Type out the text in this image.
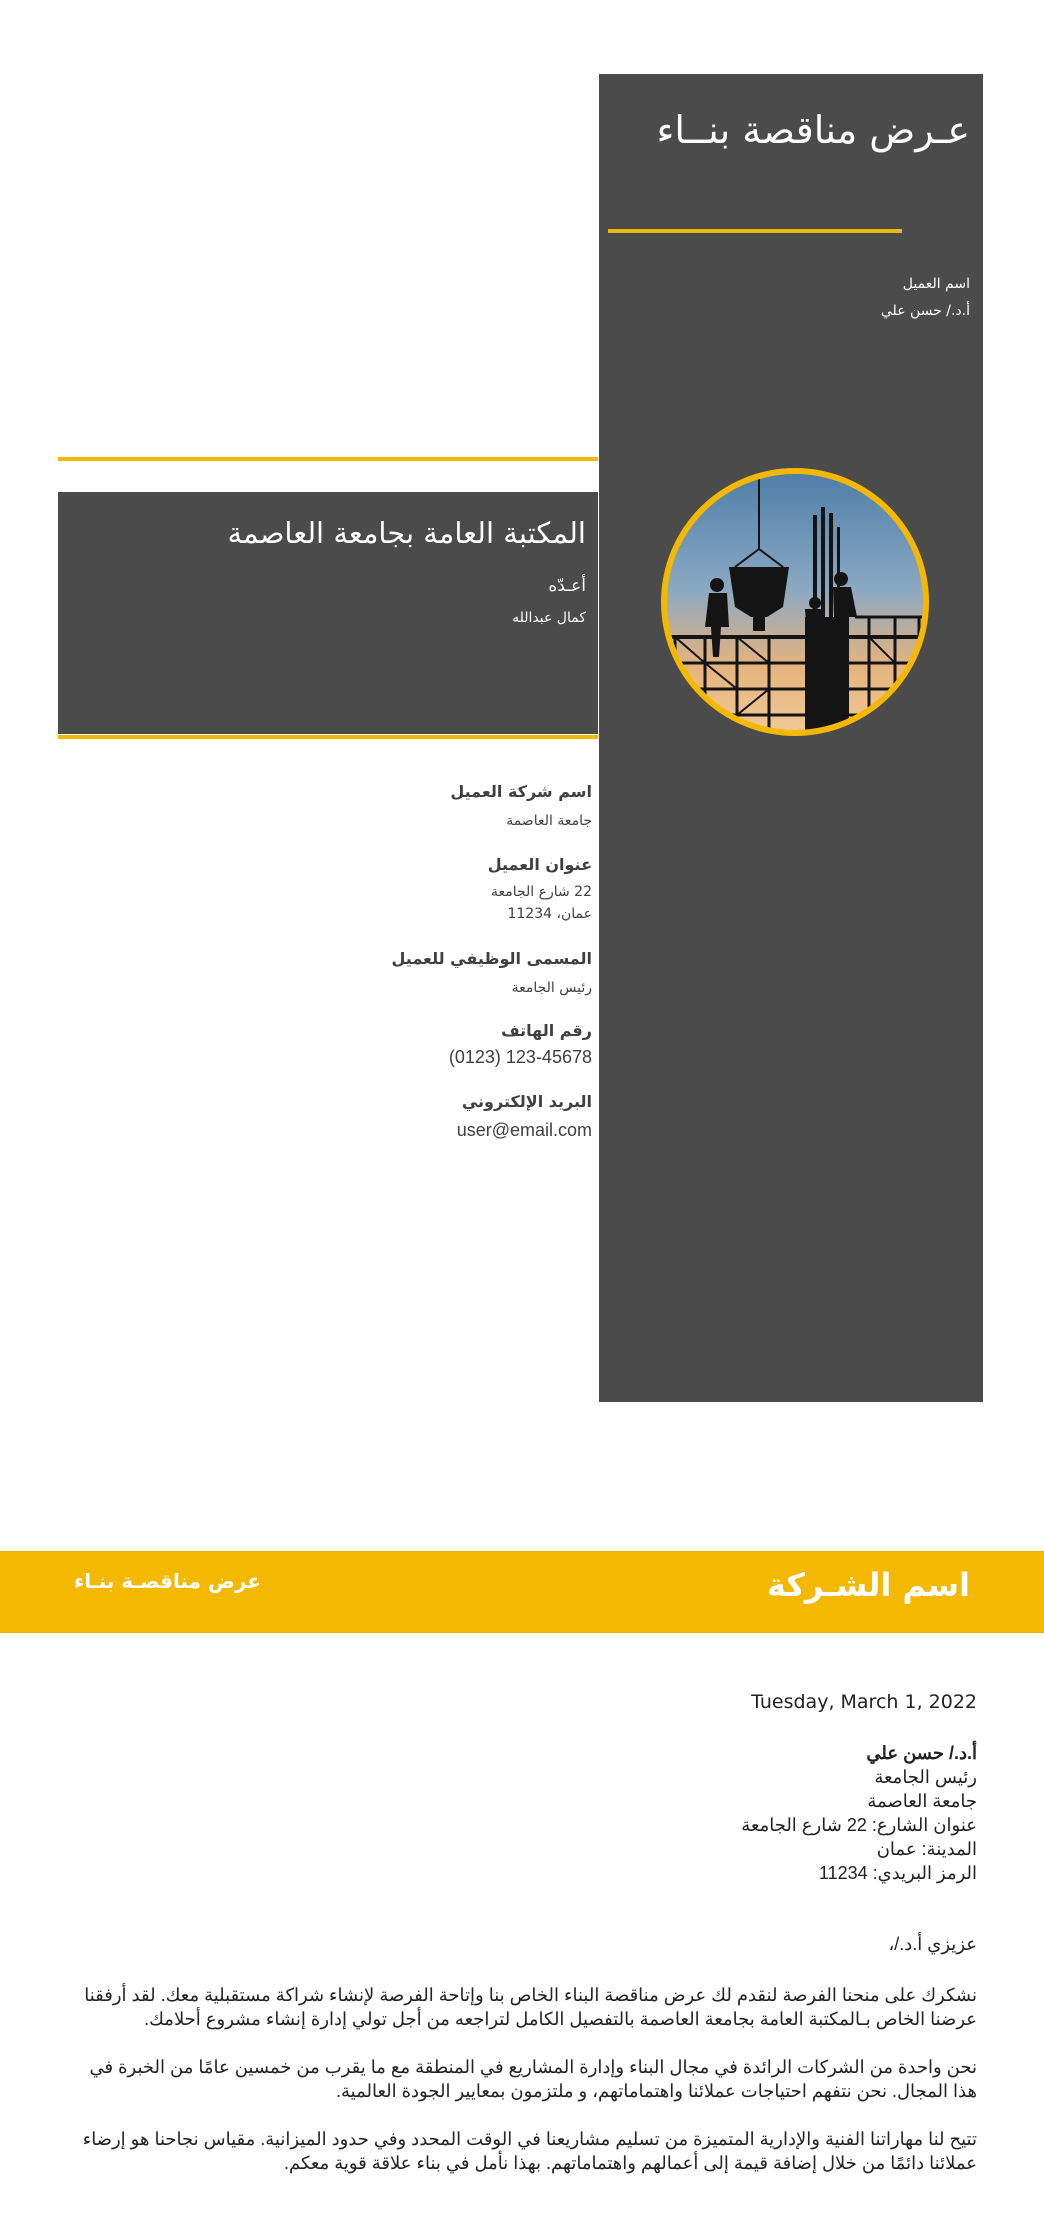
عـرض مناقصة بنــاء
اسم العميل
أ.د./ حسن علي
المكتبة العامة بجامعة العاصمة
أعـدّه
كمال عبدالله
اسم شركة العميل
جامعة العاصمة
عنوان العميل
22 شارع الجامعة
عمان، 11234
المسمى الوظيفي للعميل
رئيس الجامعة
رقم الهاتف
(0123) 123-45678
البريد الإلكتروني
user@email.com
اسم الشـركة
عرض مناقصـة بنـاء
Tuesday, March 1, 2022
أ.د./ حسن علي
رئيس الجامعة
جامعة العاصمة
عنوان الشارع: 22 شارع الجامعة
المدينة: عمان
الرمز البريدي: 11234
عزيزي أ.د./،
نشكرك على منحنا الفرصة لنقدم لك عرض مناقصة البناء الخاص بنا وإتاحة الفرصة لإنشاء شراكة مستقبلية معك. لقد أرفقنا عرضنا الخاص بـالمكتبة العامة بجامعة العاصمة بالتفصيل الكامل لتراجعه من أجل تولي إدارة إنشاء مشروع أحلامك.
نحن واحدة من الشركات الرائدة في مجال البناء وإدارة المشاريع في المنطقة مع ما يقرب من خمسين عامًا من الخبرة في هذا المجال. نحن نتفهم احتياجات عملائنا واهتماماتهم، و ملتزمون بمعايير الجودة العالمية.
تتيح لنا مهاراتنا الفنية والإدارية المتميزة من تسليم مشاريعنا في الوقت المحدد وفي حدود الميزانية. مقياس نجاحنا هو إرضاء عملائنا دائمًا من خلال إضافة قيمة إلى أعمالهم واهتماماتهم. بهذا نأمل في بناء علاقة قوية معكم.
